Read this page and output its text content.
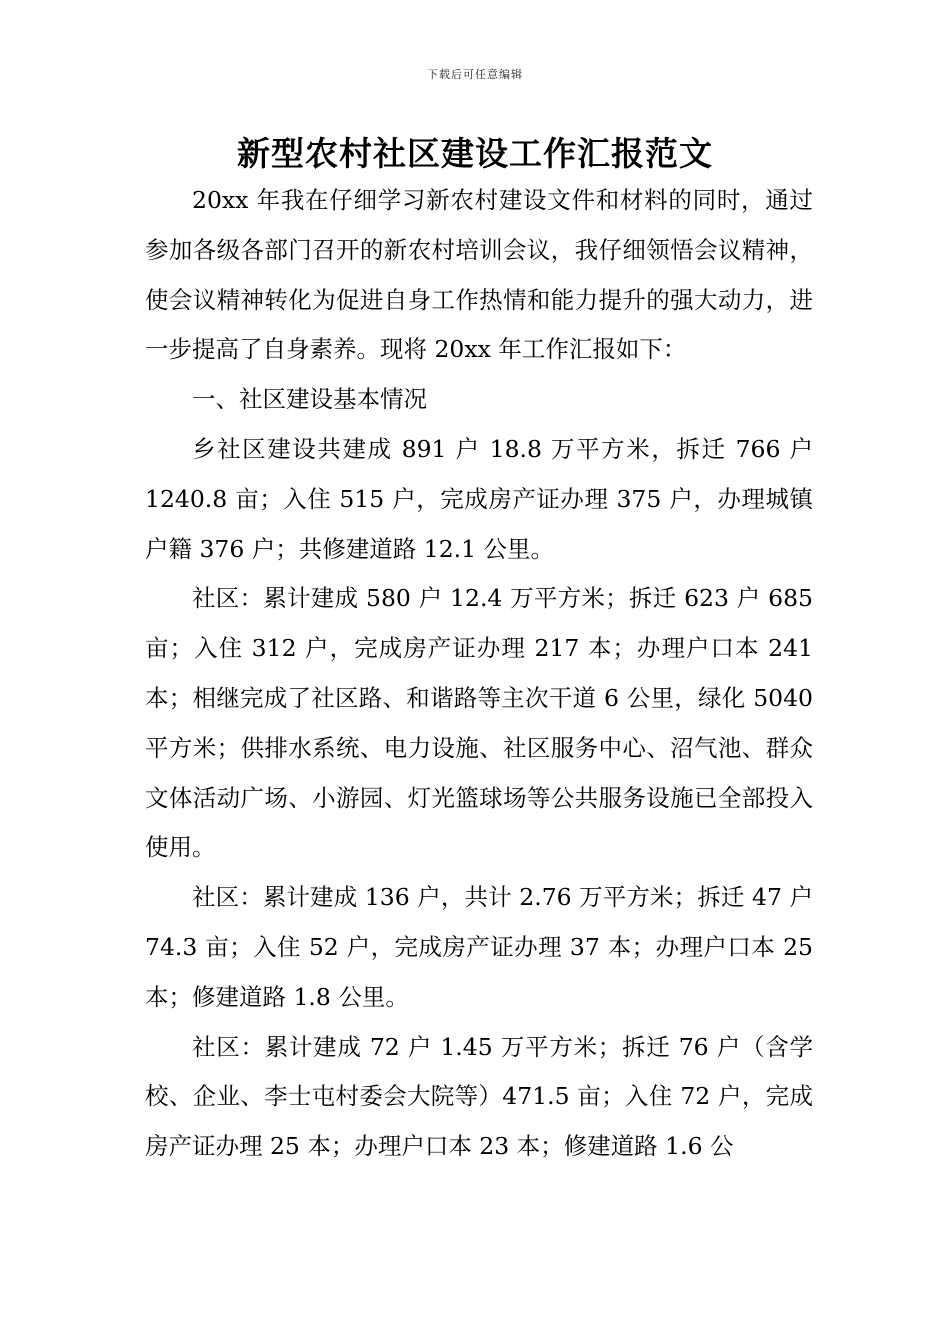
下载后可任意编辑
新型农村社区建设工作汇报范文

20xx 年我在仔细学习新农村建设文件和材料的同时，通过参加各级各部门召开的新农村培训会议，我仔细领悟会议精神，使会议精神转化为促进自身工作热情和能力提升的强大动力，进一步提高了自身素养。现将 20xx 年工作汇报如下：

一、社区建设基本情况

乡社区建设共建成 891 户 18.8 万平方米，拆迁 766 户 1240.8 亩；入住 515 户，完成房产证办理 375 户，办理城镇户籍 376 户；共修建道路 12.1 公里。

社区：累计建成 580 户 12.4 万平方米；拆迁 623 户 685 亩；入住 312 户，完成房产证办理 217 本；办理户口本 241 本；相继完成了社区路、和谐路等主次干道 6 公里，绿化 5040 平方米；供排水系统、电力设施、社区服务中心、沼气池、群众文体活动广场、小游园、灯光篮球场等公共服务设施已全部投入使用。

社区：累计建成 136 户，共计 2.76 万平方米；拆迁 47 户 74.3 亩；入住 52 户，完成房产证办理 37 本；办理户口本 25 本；修建道路 1.8 公里。

社区：累计建成 72 户 1.45 万平方米；拆迁 76 户（含学校、企业、李士屯村委会大院等）471.5 亩；入住 72 户，完成房产证办理 25 本；办理户口本 23 本；修建道路 1.6 公
